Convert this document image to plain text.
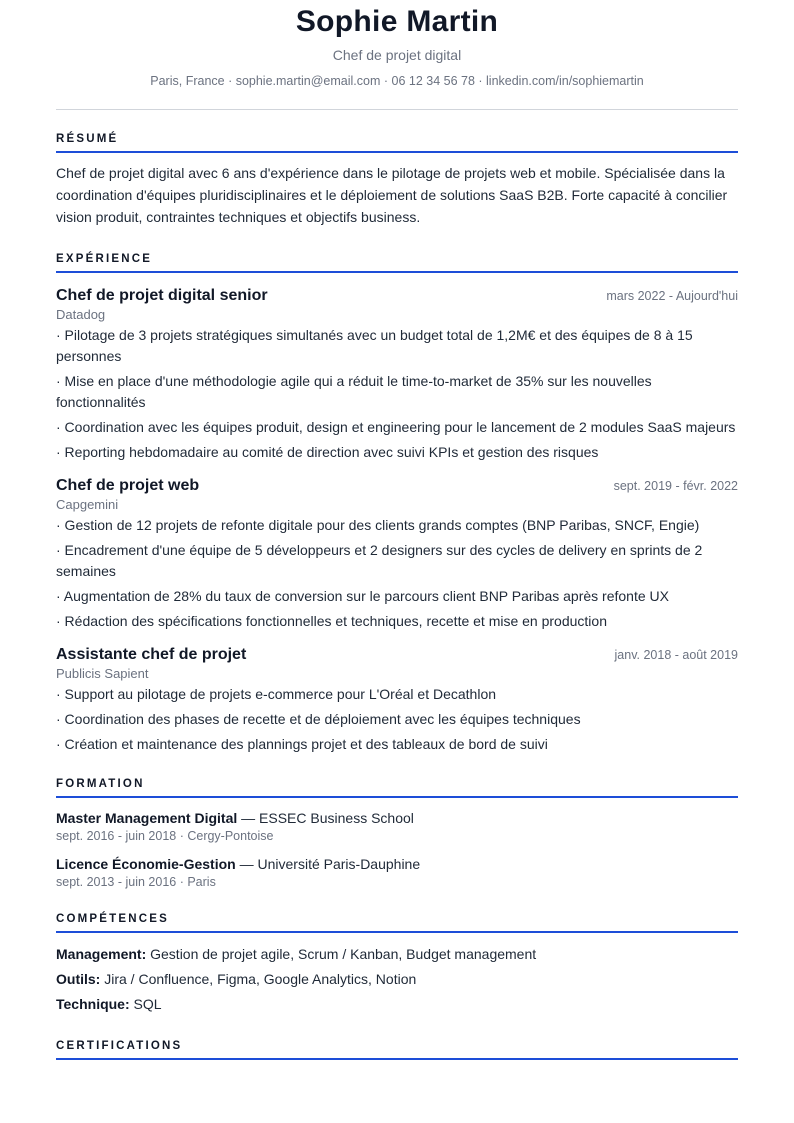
Sophie Martin
Chef de projet digital
Paris, France · sophie.martin@email.com · 06 12 34 56 78 · linkedin.com/in/sophiemartin
RÉSUMÉ

Chef de projet digital avec 6 ans d'expérience dans le pilotage de projets web et mobile. Spécialisée dans la coordination d'équipes pluridisciplinaires et le déploiement de solutions SaaS B2B. Forte capacité à concilier vision produit, contraintes techniques et objectifs business.

EXPÉRIENCE
Chef de projet digital senior	mars 2022 - Aujourd'hui
Datadog
· Pilotage de 3 projets stratégiques simultanés avec un budget total de 1,2M€ et des équipes de 8 à 15 personnes
· Mise en place d'une méthodologie agile qui a réduit le time-to-market de 35% sur les nouvelles fonctionnalités
· Coordination avec les équipes produit, design et engineering pour le lancement de 2 modules SaaS majeurs
· Reporting hebdomadaire au comité de direction avec suivi KPIs et gestion des risques
Chef de projet web	sept. 2019 - févr. 2022
Capgemini
· Gestion de 12 projets de refonte digitale pour des clients grands comptes (BNP Paribas, SNCF, Engie)
· Encadrement d'une équipe de 5 développeurs et 2 designers sur des cycles de delivery en sprints de 2 semaines
· Augmentation de 28% du taux de conversion sur le parcours client BNP Paribas après refonte UX
· Rédaction des spécifications fonctionnelles et techniques, recette et mise en production
Assistante chef de projet	janv. 2018 - août 2019
Publicis Sapient
· Support au pilotage de projets e-commerce pour L'Oréal et Decathlon
· Coordination des phases de recette et de déploiement avec les équipes techniques
· Création et maintenance des plannings projet et des tableaux de bord de suivi
FORMATION
Master Management Digital — ESSEC Business School
sept. 2016 - juin 2018 · Cergy-Pontoise
Licence Économie-Gestion — Université Paris-Dauphine
sept. 2013 - juin 2016 · Paris
COMPÉTENCES
Management: Gestion de projet agile, Scrum / Kanban, Budget management
Outils: Jira / Confluence, Figma, Google Analytics, Notion
Technique: SQL
CERTIFICATIONS
